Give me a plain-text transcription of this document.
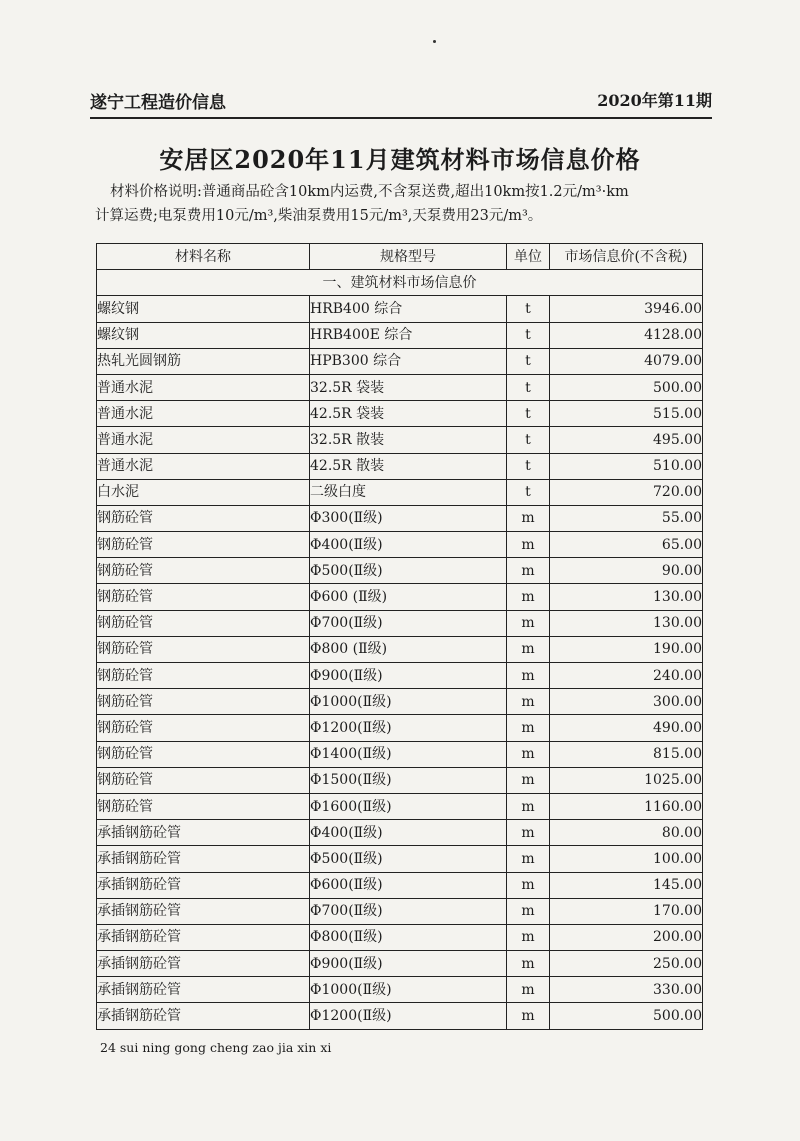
遂宁工程造价信息	2020年第11期
安居区2020年11月建筑材料市场信息价格
材料价格说明:普通商品砼含10km内运费,不含泵送费,超出10km按1.2元/m³·km
计算运费;电泵费用10元/m³,柴油泵费用15元/m³,天泵费用23元/m³。
材料名称	规格型号	单位	市场信息价(不含税)
一、建筑材料市场信息价			
螺纹钢	HRB400 综合	t	3946.00
螺纹钢	HRB400E 综合	t	4128.00
热轧光圆钢筋	HPB300 综合	t	4079.00
普通水泥	32.5R 袋装	t	500.00
普通水泥	42.5R 袋装	t	515.00
普通水泥	32.5R 散装	t	495.00
普通水泥	42.5R 散装	t	510.00
白水泥	二级白度	t	720.00
钢筋砼管	Φ300(Ⅱ级)	m	55.00
钢筋砼管	Φ400(Ⅱ级)	m	65.00
钢筋砼管	Φ500(Ⅱ级)	m	90.00
钢筋砼管	Φ600 (Ⅱ级)	m	130.00
钢筋砼管	Φ700(Ⅱ级)	m	130.00
钢筋砼管	Φ800 (Ⅱ级)	m	190.00
钢筋砼管	Φ900(Ⅱ级)	m	240.00
钢筋砼管	Φ1000(Ⅱ级)	m	300.00
钢筋砼管	Φ1200(Ⅱ级)	m	490.00
钢筋砼管	Φ1400(Ⅱ级)	m	815.00
钢筋砼管	Φ1500(Ⅱ级)	m	1025.00
钢筋砼管	Φ1600(Ⅱ级)	m	1160.00
承插钢筋砼管	Φ400(Ⅱ级)	m	80.00
承插钢筋砼管	Φ500(Ⅱ级)	m	100.00
承插钢筋砼管	Φ600(Ⅱ级)	m	145.00
承插钢筋砼管	Φ700(Ⅱ级)	m	170.00
承插钢筋砼管	Φ800(Ⅱ级)	m	200.00
承插钢筋砼管	Φ900(Ⅱ级)	m	250.00
承插钢筋砼管	Φ1000(Ⅱ级)	m	330.00
承插钢筋砼管	Φ1200(Ⅱ级)	m	500.00
24 sui ning gong cheng zao jia xin xi
